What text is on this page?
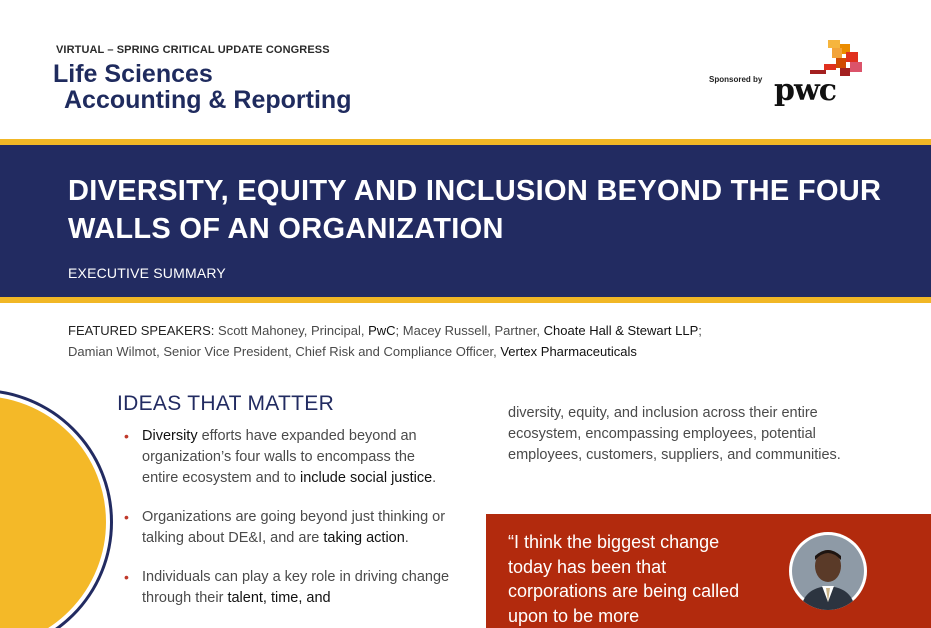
VIRTUAL – SPRING CRITICAL UPDATE CONGRESS
Life Sciences
Accounting & Reporting
Sponsored by pwc
DIVERSITY, EQUITY AND INCLUSION BEYOND THE FOUR WALLS OF AN ORGANIZATION
EXECUTIVE SUMMARY
FEATURED SPEAKERS: Scott Mahoney, Principal, PwC; Macey Russell, Partner, Choate Hall & Stewart LLP;
Damian Wilmot, Senior Vice President, Chief Risk and Compliance Officer, Vertex Pharmaceuticals
IDEAS THAT MATTER
• Diversity efforts have expanded beyond an organization’s four walls to encompass the entire ecosystem and to include social justice.
• Organizations are going beyond just thinking or talking about DE&I, and are taking action.
• Individuals can play a key role in driving change through their talent, time, and
diversity, equity, and inclusion across their entire ecosystem, encompassing employees, potential employees, customers, suppliers, and communities.
“I think the biggest change today has been that corporations are being called upon to be more
